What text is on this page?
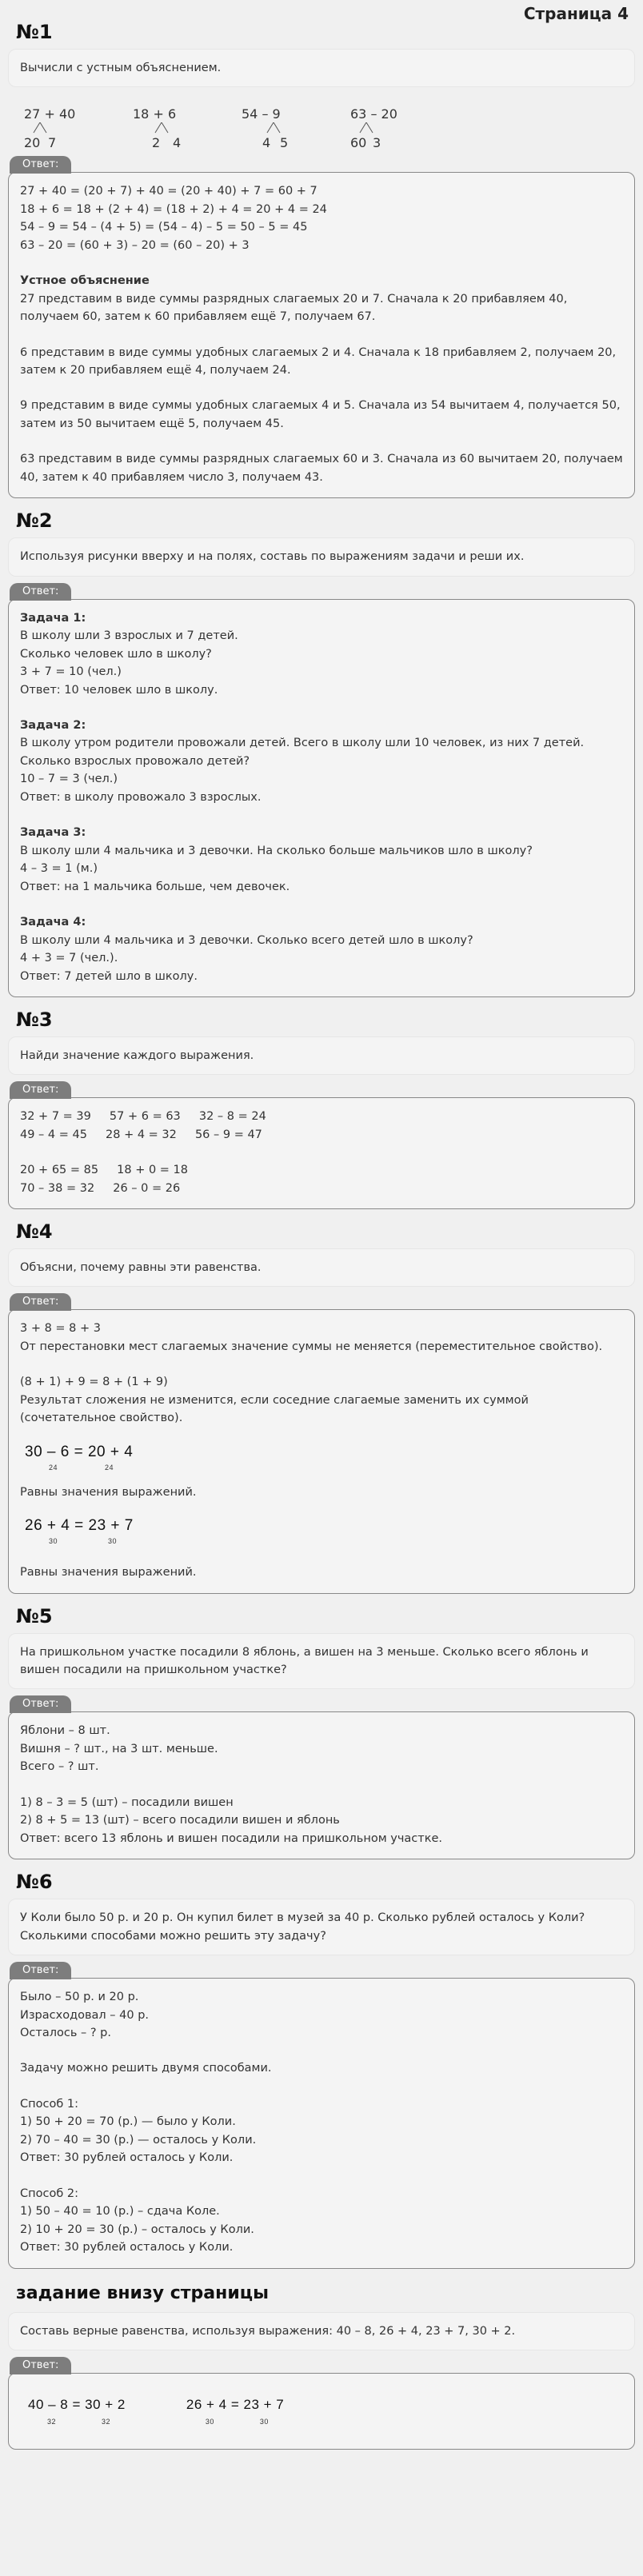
Страница 4
№1
Вычисли с устным объяснением.
27 + 40
20 7
18 + 6
2 4
54 – 9
4 5
63 – 20
60 3
Ответ:
27 + 40 = (20 + 7) + 40 = (20 + 40) + 7 = 60 + 7
18 + 6 = 18 + (2 + 4) = (18 + 2) + 4 = 20 + 4 = 24
54 – 9 = 54 – (4 + 5) = (54 – 4) – 5 = 50 – 5 = 45
63 – 20 = (60 + 3) – 20 = (60 – 20) + 3
Устное объяснение
27 представим в виде суммы разрядных слагаемых 20 и 7. Сначала к 20 прибавляем 40, получаем 60, затем к 60 прибавляем ещё 7, получаем 67.
6 представим в виде суммы удобных слагаемых 2 и 4. Сначала к 18 прибавляем 2, получаем 20, затем к 20 прибавляем ещё 4, получаем 24.
9 представим в виде суммы удобных слагаемых 4 и 5. Сначала из 54 вычитаем 4, получается 50, затем из 50 вычитаем ещё 5, получаем 45.
63 представим в виде суммы разрядных слагаемых 60 и 3. Сначала из 60 вычитаем 20, получаем 40, затем к 40 прибавляем число 3, получаем 43.
№2
Используя рисунки вверху и на полях, составь по выражениям задачи и реши их.
Ответ:
Задача 1:
В школу шли 3 взрослых и 7 детей.
Сколько человек шло в школу?
3 + 7 = 10 (чел.)
Ответ: 10 человек шло в школу.
Задача 2:
В школу утром родители провожали детей. Всего в школу шли 10 человек, из них 7 детей. Сколько взрослых провожало детей?
10 – 7 = 3 (чел.)
Ответ: в школу провожало 3 взрослых.
Задача 3:
В школу шли 4 мальчика и 3 девочки. На сколько больше мальчиков шло в школу?
4 – 3 = 1 (м.)
Ответ: на 1 мальчика больше, чем девочек.
Задача 4:
В школу шли 4 мальчика и 3 девочки. Сколько всего детей шло в школу?
4 + 3 = 7 (чел.).
Ответ: 7 детей шло в школу.
№3
Найди значение каждого выражения.
Ответ:
32 + 7 = 39 57 + 6 = 63 32 – 8 = 24
49 – 4 = 45 28 + 4 = 32 56 – 9 = 47
20 + 65 = 85 18 + 0 = 18
70 – 38 = 32 26 – 0 = 26
№4
Объясни, почему равны эти равенства.
Ответ:
3 + 8 = 8 + 3
От перестановки мест слагаемых значение суммы не меняется (переместительное свойство).
(8 + 1) + 9 = 8 + (1 + 9)
Результат сложения не изменится, если соседние слагаемые заменить их суммой (сочетательное свойство).
30 – 6 = 20 + 4
24	24
Равны значения выражений.
26 + 4 = 23 + 7
30	30
Равны значения выражений.
№5
На пришкольном участке посадили 8 яблонь, а вишен на 3 меньше. Сколько всего яблонь и вишен посадили на пришкольном участке?
Ответ:
Яблони – 8 шт.
Вишня – ? шт., на 3 шт. меньше.
Всего – ? шт.
1) 8 – 3 = 5 (шт) – посадили вишен
2) 8 + 5 = 13 (шт) – всего посадили вишен и яблонь
Ответ: всего 13 яблонь и вишен посадили на пришкольном участке.
№6
У Коли было 50 р. и 20 р. Он купил билет в музей за 40 р. Сколько рублей осталось у Коли? Сколькими способами можно решить эту задачу?
Ответ:
Было – 50 р. и 20 р.
Израсходовал – 40 р.
Осталось – ? р.
Задачу можно решить двумя способами.
Способ 1:
1) 50 + 20 = 70 (р.) — было у Коли.
2) 70 – 40 = 30 (р.) — осталось у Коли.
Ответ: 30 рублей осталось у Коли.
Способ 2:
1) 50 – 40 = 10 (р.) – сдача Коле.
2) 10 + 20 = 30 (р.) – осталось у Коли.
Ответ: 30 рублей осталось у Коли.
задание внизу страницы
Составь верные равенства, используя выражения: 40 – 8, 26 + 4, 23 + 7, 30 + 2.
Ответ:
40 – 8 = 30 + 2
32	32
26 + 4 = 23 + 7
30	30
